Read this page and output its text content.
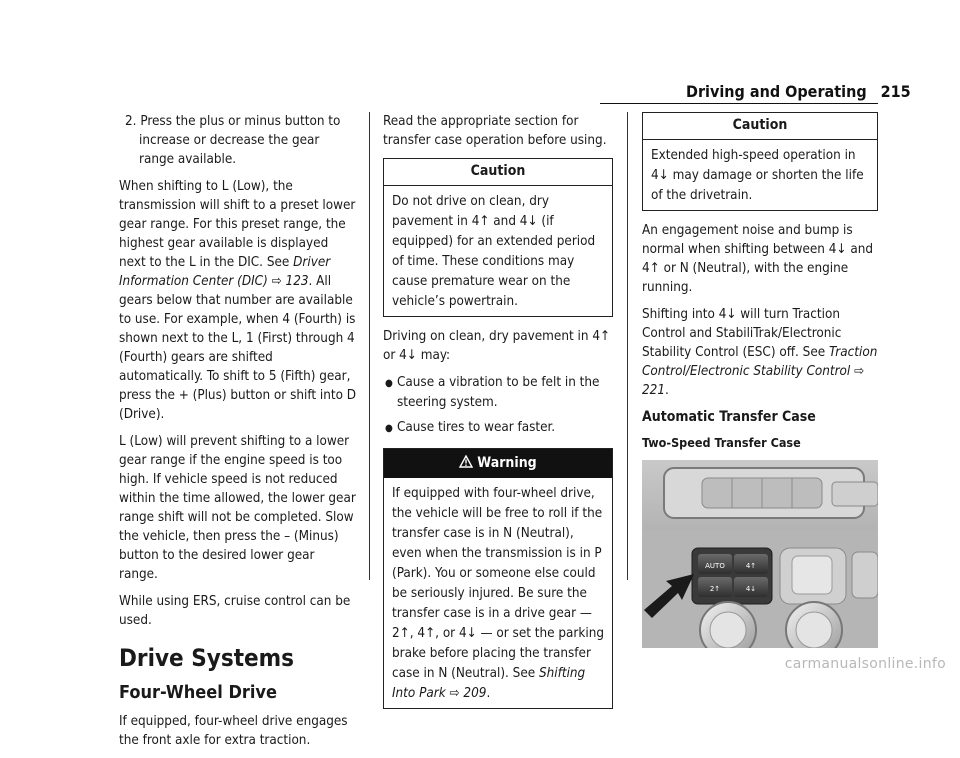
Driving and Operating 215

2. Press the plus or minus button to increase or decrease the gear range available.

When shifting to L (Low), the transmission will shift to a preset lower gear range. For this preset range, the highest gear available is displayed next to the L in the DIC. See Driver Information Center (DIC) ⇨ 123. All gears below that number are available to use. For example, when 4 (Fourth) is shown next to the L, 1 (First) through 4 (Fourth) gears are shifted automatically. To shift to 5 (Fifth) gear, press the + (Plus) button or shift into D (Drive).

L (Low) will prevent shifting to a lower gear range if the engine speed is too high. If vehicle speed is not reduced within the time allowed, the lower gear range shift will not be completed. Slow the vehicle, then press the – (Minus) button to the desired lower gear range.

While using ERS, cruise control can be used.

Drive Systems
Four-Wheel Drive

If equipped, four-wheel drive engages the front axle for extra traction.

Read the appropriate section for transfer case operation before using.

Caution
Do not drive on clean, dry pavement in 4↑ and 4↓ (if equipped) for an extended period of time. These conditions may cause premature wear on the vehicle’s powertrain.

Driving on clean, dry pavement in 4↑ or 4↓ may:

● Cause a vibration to be felt in the steering system.
● Cause tires to wear faster.
Warning
If equipped with four-wheel drive, the vehicle will be free to roll if the transfer case is in N (Neutral), even when the transmission is in P (Park). You or someone else could be seriously injured. Be sure the transfer case is in a drive gear — 2↑, 4↑, or 4↓ — or set the parking brake before placing the transfer case in N (Neutral). See Shifting Into Park ⇨ 209.
Caution
Extended high-speed operation in 4↓ may damage or shorten the life of the drivetrain.

An engagement noise and bump is normal when shifting between 4↓ and 4↑ or N (Neutral), with the engine running.

Shifting into 4↓ will turn Traction Control and StabiliTrak/Electronic Stability Control (ESC) off. See Traction Control/Electronic Stability Control ⇨ 221.

Automatic Transfer Case
Two-Speed Transfer Case
AUTO	4↑
2↑	4↓
carmanualsonline.info
